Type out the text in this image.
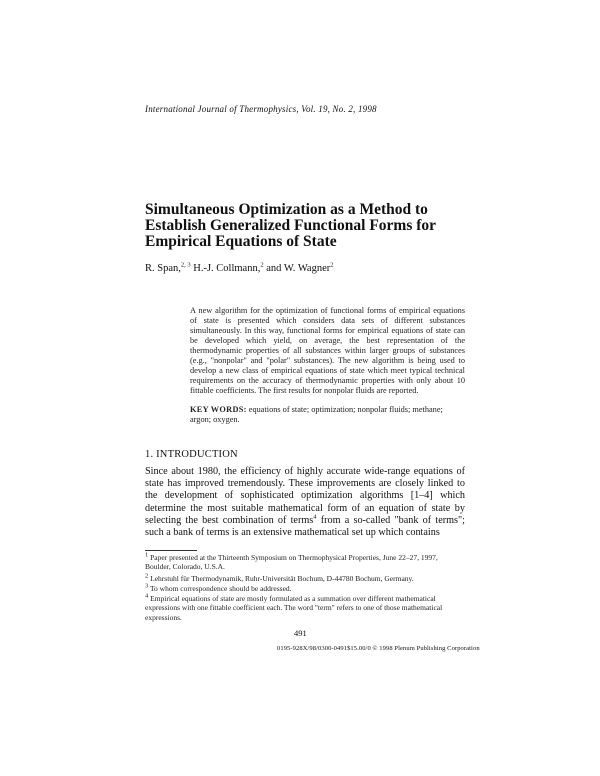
International Journal of Thermophysics, Vol. 19, No. 2, 1998
Simultaneous Optimization as a Method to Establish Generalized Functional Forms for Empirical Equations of State
R. Span,$^{2, 3}$ H.-J. Collmann,$^2$ and W. Wagner$^2$
A new algorithm for the optimization of functional forms of empirical equations of state is presented which considers data sets of different substances simultaneously. In this way, functional forms for empirical equations of state can be developed which yield, on average, the best representation of the thermodynamic properties of all substances within larger groups of substances (e.g., "nonpolar" and "polar" substances). The new algorithm is being used to develop a new class of empirical equations of state which meet typical technical requirements on the accuracy of thermodynamic properties with only about 10 fittable coefficients. The first results for nonpolar fluids are reported.
KEY WORDS: equations of state; optimization; nonpolar fluids; methane; argon; oxygen.
1. INTRODUCTION
Since about 1980, the efficiency of highly accurate wide-range equations of state has improved tremendously. These improvements are closely linked to the development of sophisticated optimization algorithms [1–4] which determine the most suitable mathematical form of an equation of state by selecting the best combination of terms$^4$ from a so-called "bank of terms"; such a bank of terms is an extensive mathematical set up which contains
$^1$ Paper presented at the Thirteenth Symposium on Thermophysical Properties, June 22–27, 1997, Boulder, Colorado, U.S.A.
$^2$ Lehrstuhl für Thermodynamik, Ruhr-Universität Bochum, D-44780 Bochum, Germany.
$^3$ To whom correspondence should be addressed.
$^4$ Empirical equations of state are mostly formulated as a summation over different mathematical expressions with one fittable coefficient each. The word "term" refers to one of those mathematical expressions.
491
0195-928X/98/0300-0491$15.00/0 © 1998 Plenum Publishing Corporation
